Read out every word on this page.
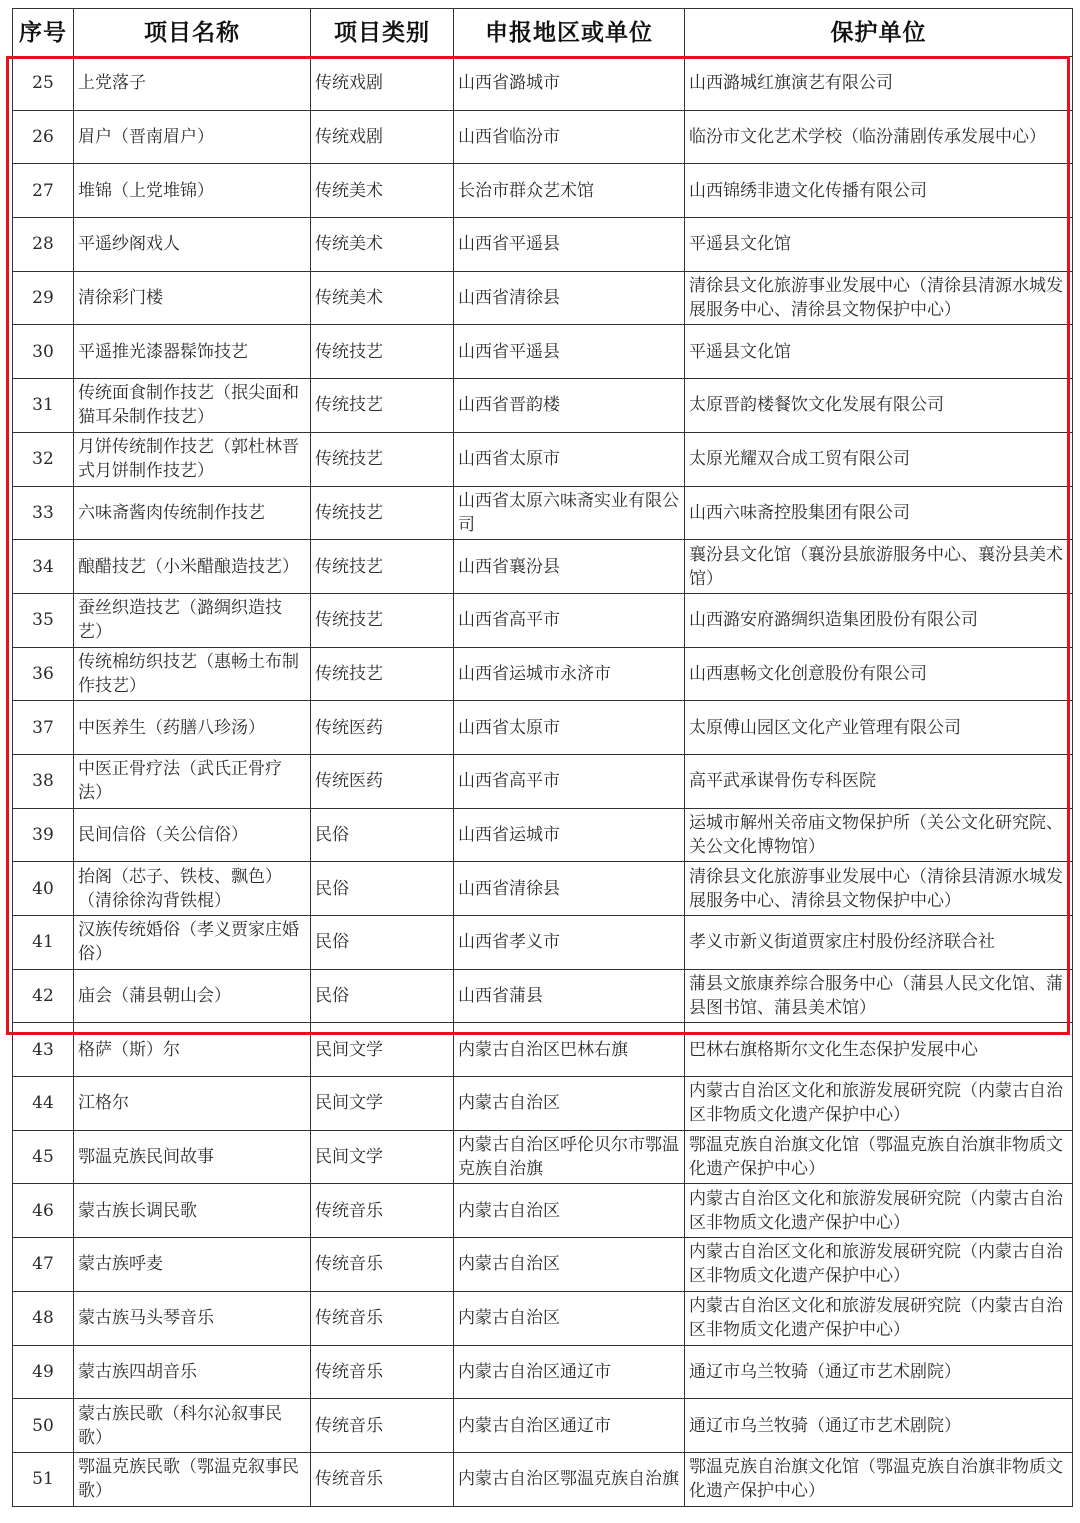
序号	项目名称	项目类别	申报地区或单位	保护单位
25	上党落子	传统戏剧	山西省潞城市	山西潞城红旗演艺有限公司
26	眉户（晋南眉户）	传统戏剧	山西省临汾市	临汾市文化艺术学校（临汾蒲剧传承发展中心）
27	堆锦（上党堆锦）	传统美术	长治市群众艺术馆	山西锦绣非遗文化传播有限公司
28	平遥纱阁戏人	传统美术	山西省平遥县	平遥县文化馆
29	清徐彩门楼	传统美术	山西省清徐县	清徐县文化旅游事业发展中心（清徐县清源水城发展服务中心、清徐县文物保护中心）
30	平遥推光漆器髹饰技艺	传统技艺	山西省平遥县	平遥县文化馆
31	传统面食制作技艺（抿尖面和猫耳朵制作技艺）	传统技艺	山西省晋韵楼	太原晋韵楼餐饮文化发展有限公司
32	月饼传统制作技艺（郭杜林晋式月饼制作技艺）	传统技艺	山西省太原市	太原光耀双合成工贸有限公司
33	六味斋酱肉传统制作技艺	传统技艺	山西省太原六味斋实业有限公司	山西六味斋控股集团有限公司
34	酿醋技艺（小米醋酿造技艺）	传统技艺	山西省襄汾县	襄汾县文化馆（襄汾县旅游服务中心、襄汾县美术馆）
35	蚕丝织造技艺（潞绸织造技艺）	传统技艺	山西省高平市	山西潞安府潞绸织造集团股份有限公司
36	传统棉纺织技艺（惠畅土布制作技艺）	传统技艺	山西省运城市永济市	山西惠畅文化创意股份有限公司
37	中医养生（药膳八珍汤）	传统医药	山西省太原市	太原傅山园区文化产业管理有限公司
38	中医正骨疗法（武氏正骨疗法）	传统医药	山西省高平市	高平武承谋骨伤专科医院
39	民间信俗（关公信俗）	民俗	山西省运城市	运城市解州关帝庙文物保护所（关公文化研究院、关公文化博物馆）
40	抬阁（芯子、铁枝、飘色）（清徐徐沟背铁棍）	民俗	山西省清徐县	清徐县文化旅游事业发展中心（清徐县清源水城发展服务中心、清徐县文物保护中心）
41	汉族传统婚俗（孝义贾家庄婚俗）	民俗	山西省孝义市	孝义市新义街道贾家庄村股份经济联合社
42	庙会（蒲县朝山会）	民俗	山西省蒲县	蒲县文旅康养综合服务中心（蒲县人民文化馆、蒲县图书馆、蒲县美术馆）
43	格萨（斯）尔	民间文学	内蒙古自治区巴林右旗	巴林右旗格斯尔文化生态保护发展中心
44	江格尔	民间文学	内蒙古自治区	内蒙古自治区文化和旅游发展研究院（内蒙古自治区非物质文化遗产保护中心）
45	鄂温克族民间故事	民间文学	内蒙古自治区呼伦贝尔市鄂温克族自治旗	鄂温克族自治旗文化馆（鄂温克族自治旗非物质文化遗产保护中心）
46	蒙古族长调民歌	传统音乐	内蒙古自治区	内蒙古自治区文化和旅游发展研究院（内蒙古自治区非物质文化遗产保护中心）
47	蒙古族呼麦	传统音乐	内蒙古自治区	内蒙古自治区文化和旅游发展研究院（内蒙古自治区非物质文化遗产保护中心）
48	蒙古族马头琴音乐	传统音乐	内蒙古自治区	内蒙古自治区文化和旅游发展研究院（内蒙古自治区非物质文化遗产保护中心）
49	蒙古族四胡音乐	传统音乐	内蒙古自治区通辽市	通辽市乌兰牧骑（通辽市艺术剧院）
50	蒙古族民歌（科尔沁叙事民歌）	传统音乐	内蒙古自治区通辽市	通辽市乌兰牧骑（通辽市艺术剧院）
51	鄂温克族民歌（鄂温克叙事民歌）	传统音乐	内蒙古自治区鄂温克族自治旗	鄂温克族自治旗文化馆（鄂温克族自治旗非物质文化遗产保护中心）
